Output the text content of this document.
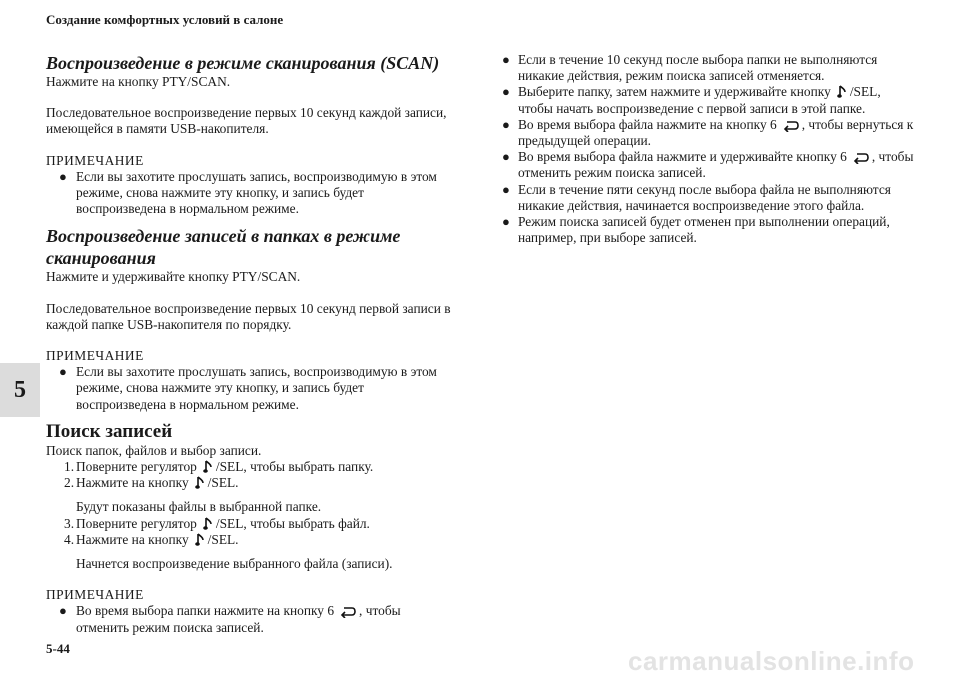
Создание комфортных условий в салоне
5
5-44	carmanualsonline.info
Воспроизведение в режиме сканирования (SCAN)

Нажмите на кнопку PTY/SCAN.

Последовательное воспроизведение первых 10 секунд каждой записи, имеющейся в памяти USB-накопителя.

ПРИМЕЧАНИЕ

● Если вы захотите прослушать запись, воспроизводимую в этом режиме, снова нажмите эту кнопку, и запись будет воспроизведена в нормальном режиме.
Воспроизведение записей в папках в режиме сканирования

Нажмите и удерживайте кнопку PTY/SCAN.

Последовательное воспроизведение первых 10 секунд первой записи в каждой папке USB-накопителя по порядку.

ПРИМЕЧАНИЕ

● Если вы захотите прослушать запись, воспроизводимую в этом режиме, снова нажмите эту кнопку, и запись будет воспроизведена в нормальном режиме.
Поиск записей

Поиск папок, файлов и выбор записи.

1. Поверните регулятор /SEL, чтобы выбрать папку.
2. Нажмите на кнопку /SEL.

Будут показаны файлы в выбранной папке.

3. Поверните регулятор /SEL, чтобы выбрать файл.
4. Нажмите на кнопку /SEL.

Начнется воспроизведение выбранного файла (записи).

ПРИМЕЧАНИЕ

● Во время выбора папки нажмите на кнопку 6 , чтобы отменить режим поиска записей.
● Если в течение 10 секунд после выбора папки не выполняются никакие действия, режим поиска записей отменяется.
● Выберите папку, затем нажмите и удерживайте кнопку /SEL, чтобы начать воспроизведение с первой записи в этой папке.
● Во время выбора файла нажмите на кнопку 6 , чтобы вернуться к предыдущей операции.
● Во время выбора файла нажмите и удерживайте кнопку 6 , чтобы отменить режим поиска записей.
● Если в течение пяти секунд после выбора файла не выполняются никакие действия, начинается воспроизведение этого файла.
● Режим поиска записей будет отменен при выполнении операций, например, при выборе записей.
